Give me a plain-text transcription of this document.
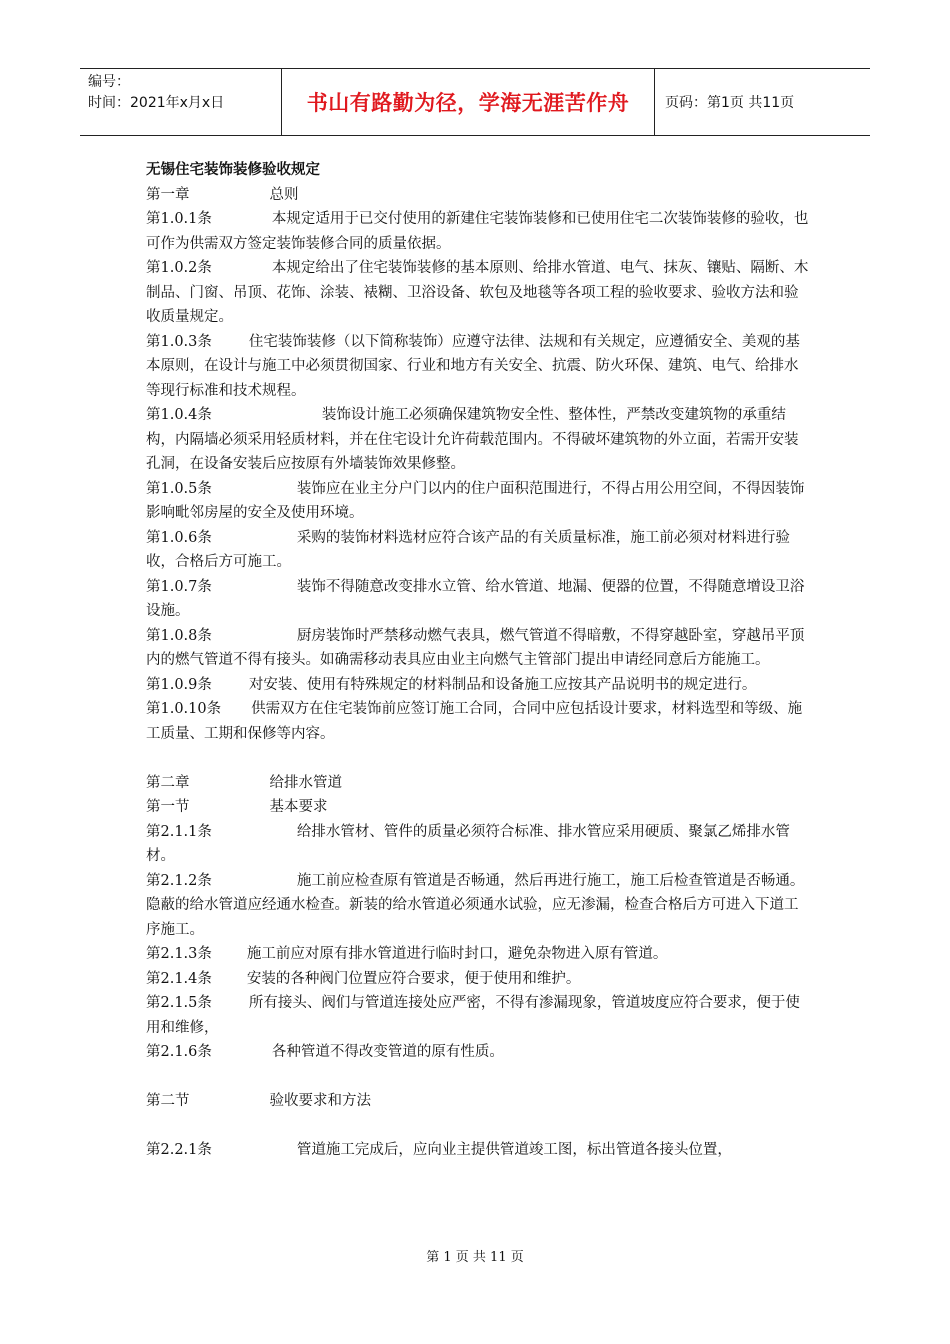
编号：
时间：2021年x月x日	书山有路勤为径，学海无涯苦作舟	页码：第1页 共11页

无锡住宅装饰装修验收规定

第一章	总则

第1.0.1条	本规定适用于已交付使用的新建住宅装饰装修和已使用住宅二次装饰装修的验收，也可作为供需双方签定装饰装修合同的质量依据。

第1.0.2条	本规定给出了住宅装饰装修的基本原则、给排水管道、电气、抹灰、镶贴、隔断、木制品、门窗、吊顶、花饰、涂装、裱糊、卫浴设备、软包及地毯等各项工程的验收要求、验收方法和验收质量规定。

第1.0.3条	住宅装饰装修（以下简称装饰）应遵守法律、法规和有关规定，应遵循安全、美观的基本原则，在设计与施工中必须贯彻国家、行业和地方有关安全、抗震、防火环保、建筑、电气、给排水等现行标准和技术规程。

第1.0.4条	装饰设计施工必须确保建筑物安全性、整体性，严禁改变建筑物的承重结构，内隔墙必须采用轻质材料，并在住宅设计允许荷载范围内。不得破坏建筑物的外立面，若需开安装孔洞，在设备安装后应按原有外墙装饰效果修整。

第1.0.5条	装饰应在业主分户门以内的住户面积范围进行，不得占用公用空间，不得因装饰影响毗邻房屋的安全及使用环境。

第1.0.6条	采购的装饰材料选材应符合该产品的有关质量标准，施工前必须对材料进行验收，合格后方可施工。

第1.0.7条	装饰不得随意改变排水立管、给水管道、地漏、便器的位置，不得随意增设卫浴设施。

第1.0.8条	厨房装饰时严禁移动燃气表具，燃气管道不得暗敷，不得穿越卧室，穿越吊平顶内的燃气管道不得有接头。如确需移动表具应由业主向燃气主管部门提出申请经同意后方能施工。

第1.0.9条	对安装、使用有特殊规定的材料制品和设备施工应按其产品说明书的规定进行。

第1.0.10条 供需双方在住宅装饰前应签订施工合同，合同中应包括设计要求，材料选型和等级、施工质量、工期和保修等内容。

第二章	给排水管道

第一节	基本要求

第2.1.1条	给排水管材、管件的质量必须符合标准、排水管应采用硬质、聚氯乙烯排水管 材。

第2.1.2条	施工前应检查原有管道是否畅通，然后再进行施工，施工后检查管道是否畅通。隐蔽的给水管道应经通水检查。新装的给水管道必须通水试验，应无渗漏，检查合格后方可进入下道工序施工。

第2.1.3条 施工前应对原有排水管道进行临时封口，避免杂物进入原有管道。

第2.1.4条 安装的各种阀门位置应符合要求，便于使用和维护。

第2.1.5条	所有接头、阀们与管道连接处应严密，不得有渗漏现象，管道坡度应符合要求，便于使用和维修，

第2.1.6条	各种管道不得改变管道的原有性质。

第二节	验收要求和方法

第2.2.1条	管道施工完成后，应向业主提供管道竣工图，标出管道各接头位置，

第 1 页 共 11 页
